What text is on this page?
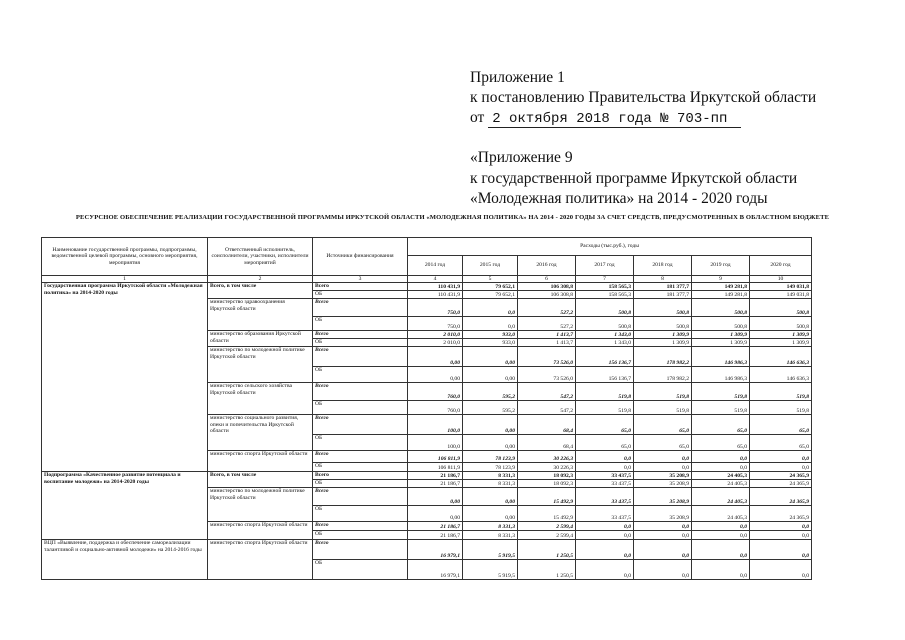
Приложение 1
к постановлению Правительства Иркутской области
от 2 октября 2018 года № 703-пп
«Приложение 9
к государственной программе Иркутской области
«Молодежная политика» на 2014 - 2020 годы
РЕСУРСНОЕ ОБЕСПЕЧЕНИЕ РЕАЛИЗАЦИИ ГОСУДАРСТВЕННОЙ ПРОГРАММЫ ИРКУТСКОЙ ОБЛАСТИ «МОЛОДЕЖНАЯ ПОЛИТИКА» НА 2014 - 2020 ГОДЫ ЗА СЧЕТ СРЕДСТВ, ПРЕДУСМОТРЕННЫХ В ОБЛАСТНОМ БЮДЖЕТЕ
Наименование государственной программы, подпрограммы, ведомственной целевой программы, основного мероприятия, мероприятия	Ответственный исполнитель, соисполнители, участники, исполнители мероприятий	Источники финансирования	Расходы (тыс.руб.), годы						
			2014 год	2015 год	2016 год	2017 год	2018 год	2019 год	2020 год
1	2	3	4	5	6	7	8	9	10
Государственная программа Иркутской области «Молодежная политика» на 2014-2020 годы	Всего, в том числе	Всего	110 431,9	79 652,1	106 308,8	158 565,3	181 377,7	149 281,8	149 031,8
		ОБ	110 431,9	79 652,1	106 308,8	158 565,3	181 377,7	149 281,8	149 031,8
	министерство здравоохранения Иркутской области	Всего	750,0	0,0	527,2	500,8	500,8	500,8	500,8
		ОБ	750,0	0,0	527,2	500,8	500,8	500,8	500,8
	министерство образования Иркутской области	Всего	2 010,0	933,0	1 413,7	1 343,0	1 309,9	1 309,9	1 309,9
		ОБ	2 010,0	933,0	1 413,7	1 343,0	1 309,9	1 309,9	1 309,9
	министерство по молодежной политике Иркутской области	Всего	0,00	0,00	73 526,0	156 136,7	178 982,2	146 986,3	146 636,3
		ОБ	0,00	0,00	73 526,0	156 136,7	178 982,2	146 986,3	146 636,3
	министерство сельского хозяйства Иркутской области	Всего	760,0	595,2	547,2	519,8	519,8	519,8	519,8
		ОБ	760,0	595,2	547,2	519,8	519,8	519,8	519,8
	министерство социального развития, опеки и попечительства Иркутской области	Всего	100,0	0,00	68,4	65,0	65,0	65,0	65,0
		ОБ	100,0	0,00	68,4	65,0	65,0	65,0	65,0
	министерство спорта Иркутской области	Всего	106 811,9	78 123,9	30 226,3	0,0	0,0	0,0	0,0
		ОБ	106 811,9	78 123,9	30 226,3	0,0	0,0	0,0	0,0
Подпрограмма «Качественное развитие потенциала и воспитание молодежи» на 2014-2020 годы	Всего, в том числе	Всего	21 186,7	8 331,3	18 092,3	33 437,5	35 208,9	24 405,3	24 365,9
		ОБ	21 186,7	8 331,3	18 092,3	33 437,5	35 208,9	24 405,3	24 365,9
	министерство по молодежной политике Иркутской области	Всего	0,00	0,00	15 492,9	33 437,5	35 208,9	24 405,3	24 365,9
		ОБ	0,00	0,00	15 492,9	33 437,5	35 208,9	24 405,3	24 365,9
	министерство спорта Иркутской области	Всего	21 186,7	8 331,3	2 599,4	0,0	0,0	0,0	0,0
		ОБ	21 186,7	8 331,3	2 599,4	0,0	0,0	0,0	0,0
ВЦП «Выявление, поддержка и обеспечение самореализации талантливой и социально-активной молодежи» на 2014-2016 годы	министерство спорта Иркутской области	Всего	16 979,1	5 919,5	1 250,5	0,0	0,0	0,0	0,0
		ОБ	16 979,1	5 919,5	1 250,5	0,0	0,0	0,0	0,0
